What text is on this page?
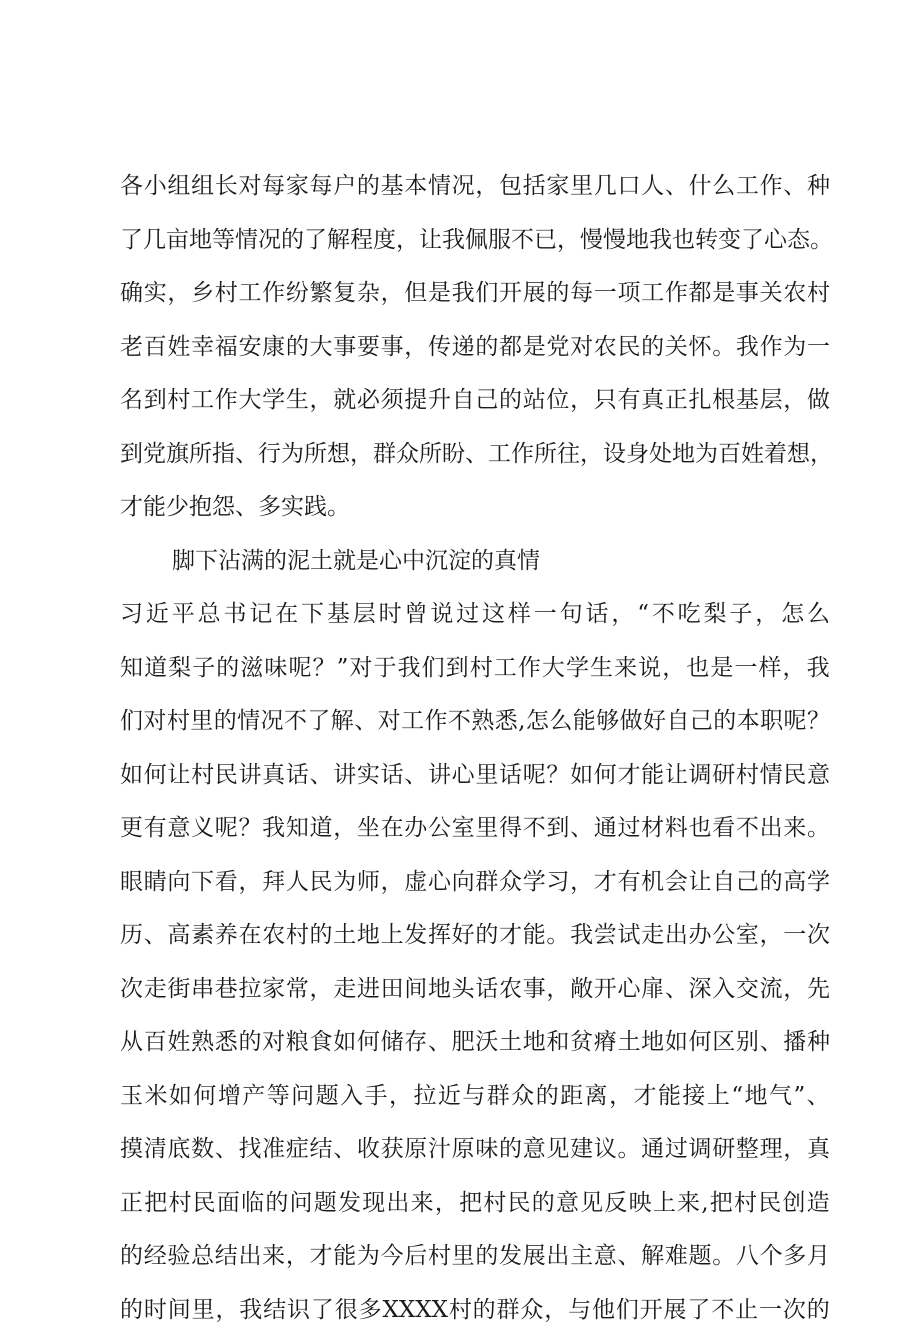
各 小 组 组 长 对 每 家 每 户 的 基 本 情 况 ， 包 括 家 里 几 口 人 、 什 么 工 作 、 种
了 几 亩 地 等 情 况 的 了 解 程 度 ， 让 我 佩 服 不 已 ， 慢 慢 地 我 也 转 变 了 心 态 。
确 实 ， 乡 村 工 作 纷 繁 复 杂 ， 但 是 我 们 开 展 的 每 一 项 工 作 都 是 事 关 农 村
老 百 姓 幸 福 安 康 的 大 事 要 事 ， 传 递 的 都 是 党 对 农 民 的 关 怀 。 我 作 为 一
名 到 村 工 作 大 学 生 ， 就 必 须 提 升 自 己 的 站 位 ， 只 有 真 正 扎 根 基 层 ， 做
到 党 旗 所 指 、 行 为 所 想 ， 群 众 所 盼 、 工 作 所 往 ， 设 身 处 地 为 百 姓 着 想 ，
才能少抱怨、多实践。
脚下沾满的泥土就是心中沉淀的真情
习 近 平 总 书 记 在 下 基 层 时 曾 说 过 这 样 一 句 话 ， “ 不 吃 梨 子 ， 怎 么
知 道 梨 子 的 滋 味 呢 ？ ” 对 于 我 们 到 村 工 作 大 学 生 来 说 ， 也 是 一 样 ， 我
们 对 村 里 的 情 况 不 了 解 、 对 工 作 不 熟 悉 , 怎 么 能 够 做 好 自 己 的 本 职 呢 ？
如 何 让 村 民 讲 真 话 、 讲 实 话 、 讲 心 里 话 呢 ？ 如 何 才 能 让 调 研 村 情 民 意
更 有 意 义 呢 ？ 我 知 道 ， 坐 在 办 公 室 里 得 不 到 、 通 过 材 料 也 看 不 出 来 。
眼 睛 向 下 看 ， 拜 人 民 为 师 ， 虚 心 向 群 众 学 习 ， 才 有 机 会 让 自 己 的 高 学
历 、 高 素 养 在 农 村 的 土 地 上 发 挥 好 的 才 能 。 我 尝 试 走 出 办 公 室 ， 一 次
次 走 街 串 巷 拉 家 常 ， 走 进 田 间 地 头 话 农 事 ， 敞 开 心 扉 、 深 入 交 流 ， 先
从 百 姓 熟 悉 的 对 粮 食 如 何 储 存 、 肥 沃 土 地 和 贫 瘠 土 地 如 何 区 别 、 播 种
玉 米 如 何 增 产 等 问 题 入 手 ， 拉 近 与 群 众 的 距 离 ， 才 能 接 上 “ 地 气 ” 、
摸 清 底 数 、 找 准 症 结 、 收 获 原 汁 原 味 的 意 见 建 议 。 通 过 调 研 整 理 ， 真
正 把 村 民 面 临 的 问 题 发 现 出 来 ， 把 村 民 的 意 见 反 映 上 来 , 把 村 民 创 造
的 经 验 总 结 出 来 ， 才 能 为 今 后 村 里 的 发 展 出 主 意 、 解 难 题 。 八 个 多 月
的 时 间 里 ， 我 结 识 了 很 多 XXXX 村 的 群 众 ， 与 他 们 开 展 了 不 止 一 次 的
